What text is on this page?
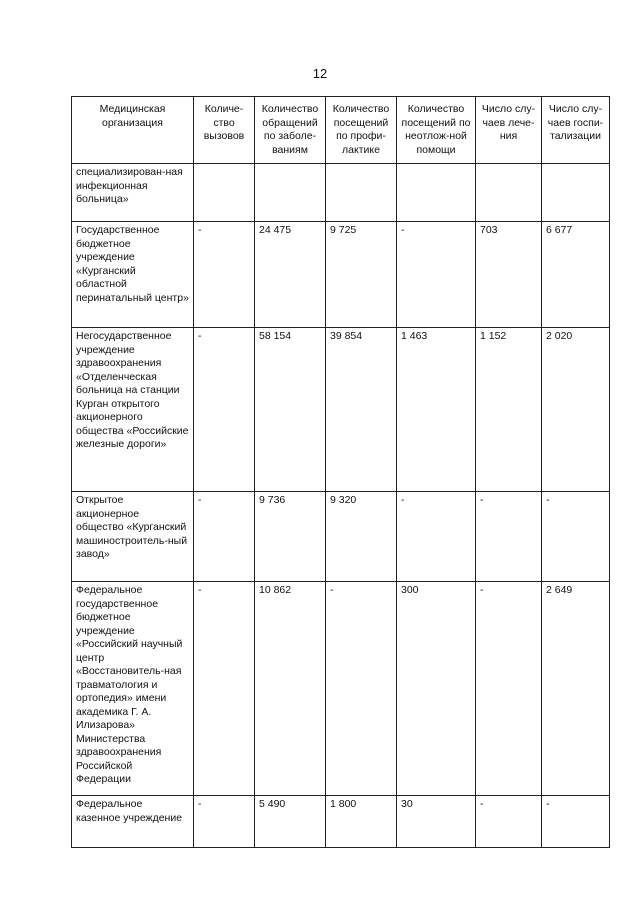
12
Медицинская организация	Количе-ство вызовов	Количество обращений по заболе-ваниям	Количество посещений по профи-лактике	Количество посещений по неотлож-ной помощи	Число слу-чаев лече-ния	Число слу-чаев госпи-тализации
специализирован-ная инфекционная больница»						
Государственное бюджетное учреждение «Курганский областной перинатальный центр»	-	24 475	9 725	-	703	6 677
Негосударственное учреждение здравоохранения «Отделенческая больница на станции Курган открытого акционерного общества «Российские железные дороги»	-	58 154	39 854	1 463	1 152	2 020
Открытое акционерное общество «Курганский машиностроитель-ный завод»	-	9 736	9 320	-	-	-
Федеральное государственное бюджетное учреждение «Российский научный центр «Восстановитель-ная травматология и ортопедия» имени академика Г. А. Илизарова» Министерства здравоохранения Российской Федерации	-	10 862	-	300	-	2 649
Федеральное казенное учреждение	-	5 490	1 800	30	-	-
